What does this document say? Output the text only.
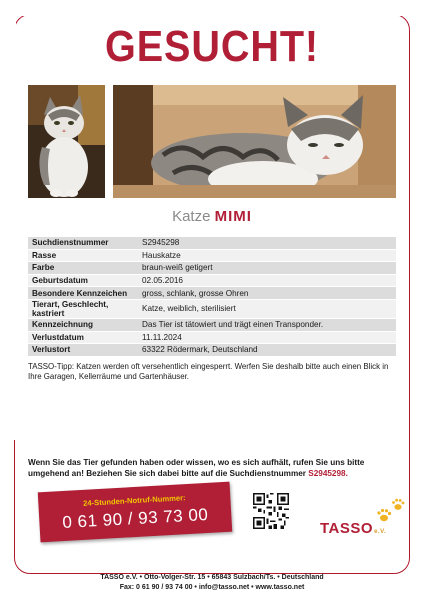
GESUCHT!
Katze MIMI
Suchdienstnummer	S2945298
Rasse	Hauskatze
Farbe	braun-weiß getigert
Geburtsdatum	02.05.2016
Besondere Kennzeichen	gross, schlank, grosse Ohren
Tierart, Geschlecht, kastriert	Katze, weiblich, sterilisiert
Kennzeichnung	Das Tier ist tätowiert und trägt einen Transponder.
Verlustdatum	11.11.2024
Verlustort	63322 Rödermark, Deutschland
TASSO-Tipp: Katzen werden oft versehentlich eingesperrt. Werfen Sie deshalb bitte auch einen Blick in Ihre Garagen, Kellerräume und Gartenhäuser.
Wenn Sie das Tier gefunden haben oder wissen, wo es sich aufhält, rufen Sie uns bitte umgehend an! Beziehen Sie sich dabei bitte auf die Suchdienstnummer S2945298.
24-Stunden-Notruf-Nummer:
0 61 90 / 93 73 00	TASSOe.V.
TASSO e.V. • Otto-Volger-Str. 15 • 65843 Sulzbach/Ts. • Deutschland
Fax: 0 61 90 / 93 74 00 • info@tasso.net • www.tasso.net
